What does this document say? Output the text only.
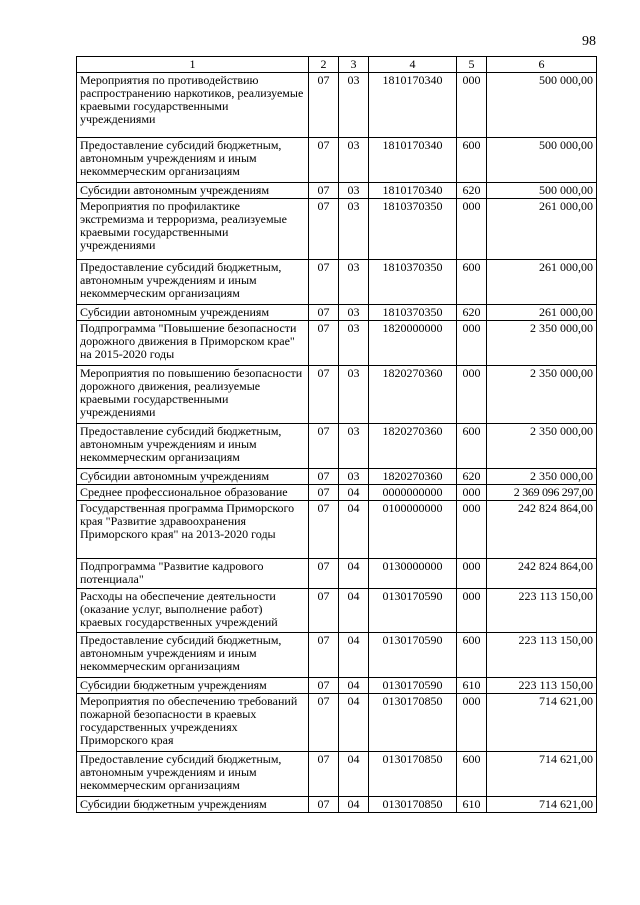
98
1	2	3	4	5	6
Мероприятия по противодействию распространению наркотиков, реализуемые краевыми государственными учреждениями	07	03	1810170340	000	500 000,00
Предоставление субсидий бюджетным, автономным учреждениям и иным некоммерческим организациям	07	03	1810170340	600	500 000,00
Субсидии автономным учреждениям	07	03	1810170340	620	500 000,00
Мероприятия по профилактике экстремизма и терроризма, реализуемые краевыми государственными учреждениями	07	03	1810370350	000	261 000,00
Предоставление субсидий бюджетным, автономным учреждениям и иным некоммерческим организациям	07	03	1810370350	600	261 000,00
Субсидии автономным учреждениям	07	03	1810370350	620	261 000,00
Подпрограмма "Повышение безопасности дорожного движения в Приморском крае" на 2015-2020 годы	07	03	1820000000	000	2 350 000,00
Мероприятия по повышению безопасности дорожного движения, реализуемые краевыми государственными учреждениями	07	03	1820270360	000	2 350 000,00
Предоставление субсидий бюджетным, автономным учреждениям и иным некоммерческим организациям	07	03	1820270360	600	2 350 000,00
Субсидии автономным учреждениям	07	03	1820270360	620	2 350 000,00
Среднее профессиональное образование	07	04	0000000000	000	2 369 096 297,00
Государственная программа Приморского края "Развитие здравоохранения Приморского края" на 2013-2020 годы	07	04	0100000000	000	242 824 864,00
Подпрограмма "Развитие кадрового потенциала"	07	04	0130000000	000	242 824 864,00
Расходы на обеспечение деятельности (оказание услуг, выполнение работ) краевых государственных учреждений	07	04	0130170590	000	223 113 150,00
Предоставление субсидий бюджетным, автономным учреждениям и иным некоммерческим организациям	07	04	0130170590	600	223 113 150,00
Субсидии бюджетным учреждениям	07	04	0130170590	610	223 113 150,00
Мероприятия по обеспечению требований пожарной безопасности в краевых государственных учреждениях Приморского края	07	04	0130170850	000	714 621,00
Предоставление субсидий бюджетным, автономным учреждениям и иным некоммерческим организациям	07	04	0130170850	600	714 621,00
Субсидии бюджетным учреждениям	07	04	0130170850	610	714 621,00
